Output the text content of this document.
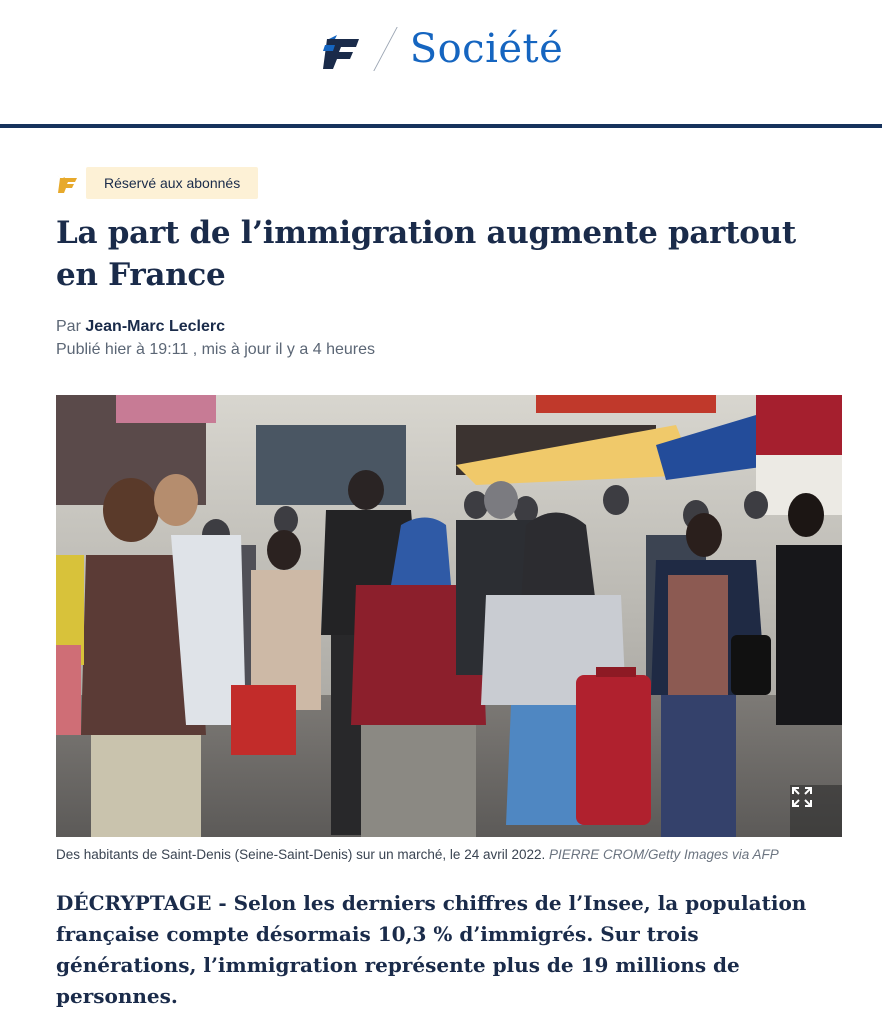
Société
Réservé aux abonnés
La part de l’immigration augmente partout en France
Par Jean-Marc Leclerc
Publié hier à 19:11 , mis à jour il y a 4 heures
Des habitants de Saint-Denis (Seine-Saint-Denis) sur un marché, le 24 avril 2022. PIERRE CROM/Getty Images via AFP

DÉCRYPTAGE - Selon les derniers chiffres de l’Insee, la population française compte désormais 10,3 % d’immigrés. Sur trois générations, l’immigration représente plus de 19 millions de personnes.
